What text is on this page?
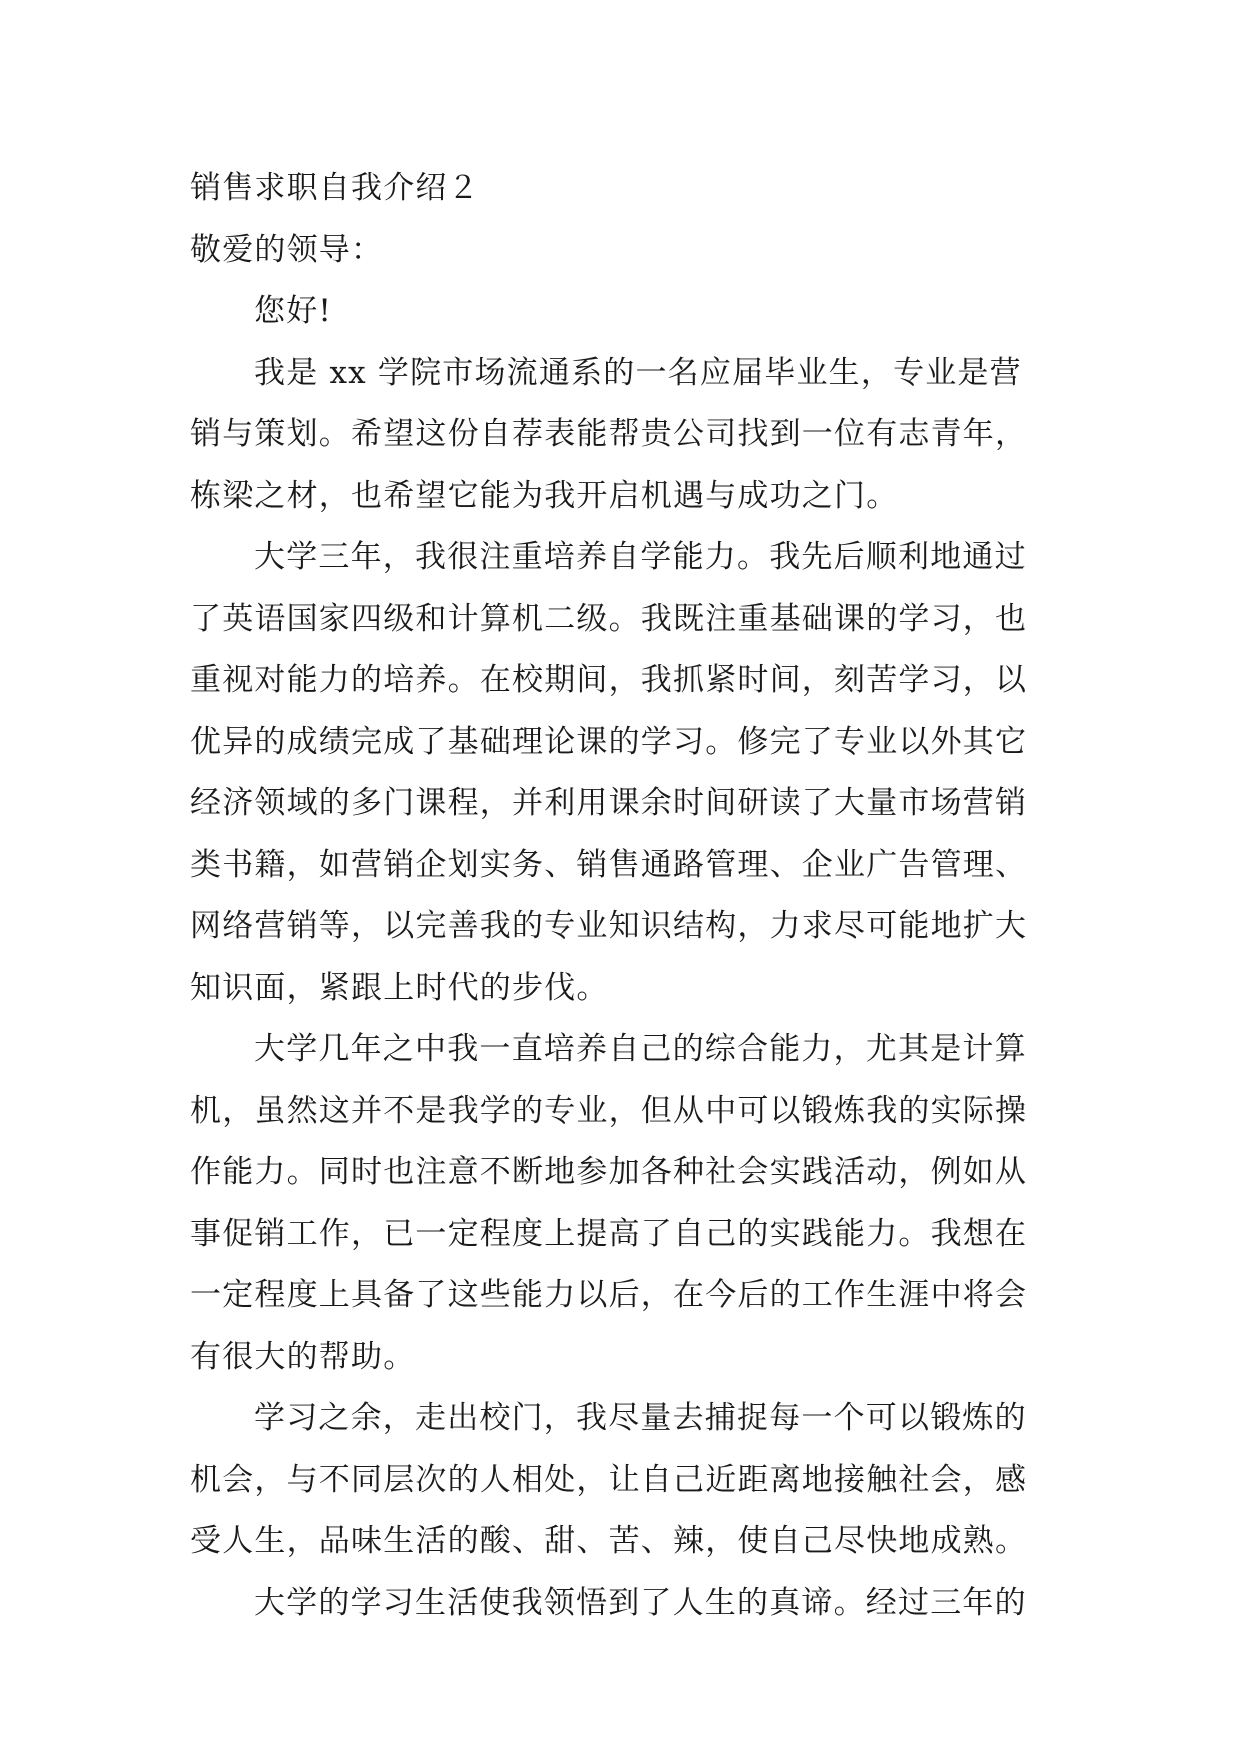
销售求职自我介绍２
敬爱的领导：
您好!
我是 xx 学院市场流通系的一名应届毕业生，专业是营
销与策划。希望这份自荐表能帮贵公司找到一位有志青年，
栋梁之材，也希望它能为我开启机遇与成功之门。
大学三年，我很注重培养自学能力。我先后顺利地通过
了英语国家四级和计算机二级。我既注重基础课的学习，也
重视对能力的培养。在校期间，我抓紧时间，刻苦学习，以
优异的成绩完成了基础理论课的学习。修完了专业以外其它
经济领域的多门课程，并利用课余时间研读了大量市场营销
类书籍，如营销企划实务、销售通路管理、企业广告管理、
网络营销等，以完善我的专业知识结构，力求尽可能地扩大
知识面，紧跟上时代的步伐。
大学几年之中我一直培养自己的综合能力，尤其是计算
机，虽然这并不是我学的专业，但从中可以锻炼我的实际操
作能力。同时也注意不断地参加各种社会实践活动，例如从
事促销工作，已一定程度上提高了自己的实践能力。我想在
一定程度上具备了这些能力以后，在今后的工作生涯中将会
有很大的帮助。
学习之余，走出校门，我尽量去捕捉每一个可以锻炼的
机会，与不同层次的人相处，让自己近距离地接触社会，感
受人生，品味生活的酸、甜、苦、辣，使自己尽快地成熟。
大学的学习生活使我领悟到了人生的真谛。经过三年的
